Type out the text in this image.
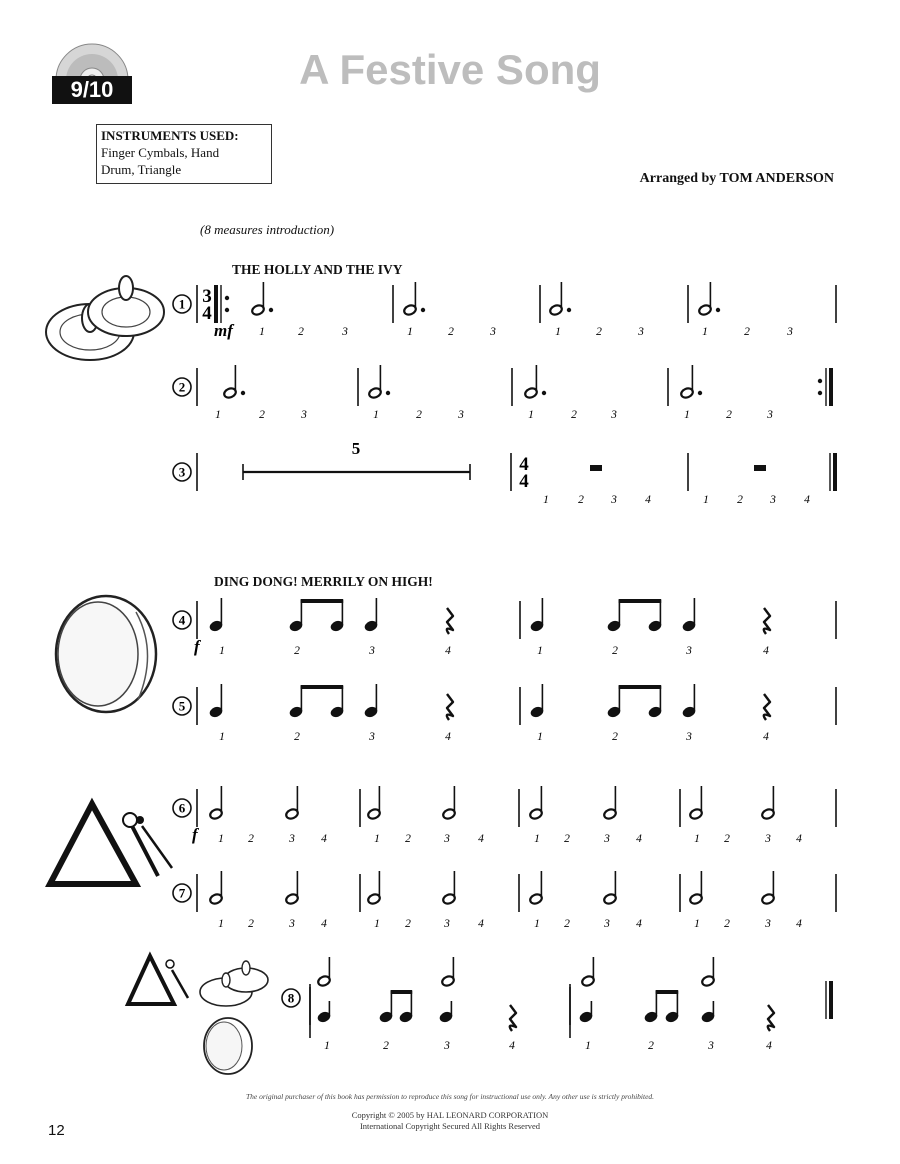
9/10	A Festive Song
INSTRUMENTS USED:
Finger Cymbals, Hand
Drum, Triangle
Arranged by TOM ANDERSON
(8 measures introduction)
THE HOLLY AND THE IVY
DING DONG! MERRILY ON HIGH!
1 3
4
mf 1	2	3	1	2	3	1	2	3	1	2	3
2
1	2	3	1	2	3	1	2	3	1	2	3
3
5
4
4
1	2 3 4	1 2 3 4
4
f 1	2	3	4	1	2	3	4
5
1	2	3	4	1	2	3	4
6
f 1 2	3 4	1 2	3 4	1 2	3 4	1 2	3 4
7
1 2	3 4	1 2	3 4	1 2	3 4	1 2	3 4
8
1	2	3	4	1	2	3	4
The original purchaser of this book has permission to reproduce this song for instructional use only. Any other use is strictly prohibited.
12
Copyright © 2005 by HAL LEONARD CORPORATION
International Copyright Secured All Rights Reserved
